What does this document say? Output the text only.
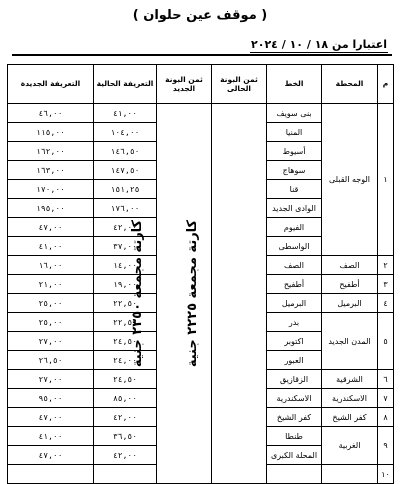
( موقف عين حلوان )
اعتبارا من ١٨ / ١٠ / ٢٠٢٤
م	المحطة	الخط	ثمن البونة الحالى	ثمن البونة الجديد	التعريفة الحالية	التعريفة الجديدة
١	الوجه القبلى	بنى سويف	كارتة مجمعة ٢٢٢٥ جنية	كارتة مجمعة ٢٣٥٠ جنية	٤١,٠٠	٤٦,٠٠
		المنيا			١٠٤,٠٠	١١٥,٠٠
		أسيوط			١٤٦,٥٠	١٦٢,٠٠
		سوهاج			١٤٧,٥٠	١٦٣,٠٠
		قنا			١٥١,٢٥	١٧٠,٠٠
		الوادى الجديد			١٧٦,٠٠	١٩٥,٠٠
		الفيوم			٤٢,٠٠	٤٧,٠٠
		الواسطى			٣٧,٠٠	٤١,٠٠
٢	الصف	الصف			١٤,٠٠	١٦,٠٠
٣	أطفيح	أطفيح			١٩,٠٠	٢١,٠٠
٤	البرميل	البرميل			٢٢,٥٠	٢٥,٠٠
٥	المدن الجديد	بدر			٢٢,٥٠	٢٥,٠٠
		اكتوبر			٢٤,٥٠	٢٧,٠٠
		العبور			٢٤,٠٠	٢٦,٥٠
٦	الشرقية	الزقازيق			٢٤,٥٠	٢٧,٠٠
٧	الاسكندرية	الاسكندرية			٨٥,٠٠	٩٥,٠٠
٨	كفر الشيخ	كفر الشيخ			٤٢,٠٠	٤٧,٠٠
٩	الغربية	طنطا			٣٦,٥٠	٤١,٠٠
		المحلة الكبرى			٤٢,٠٠	٤٧,٠٠
١٠						
